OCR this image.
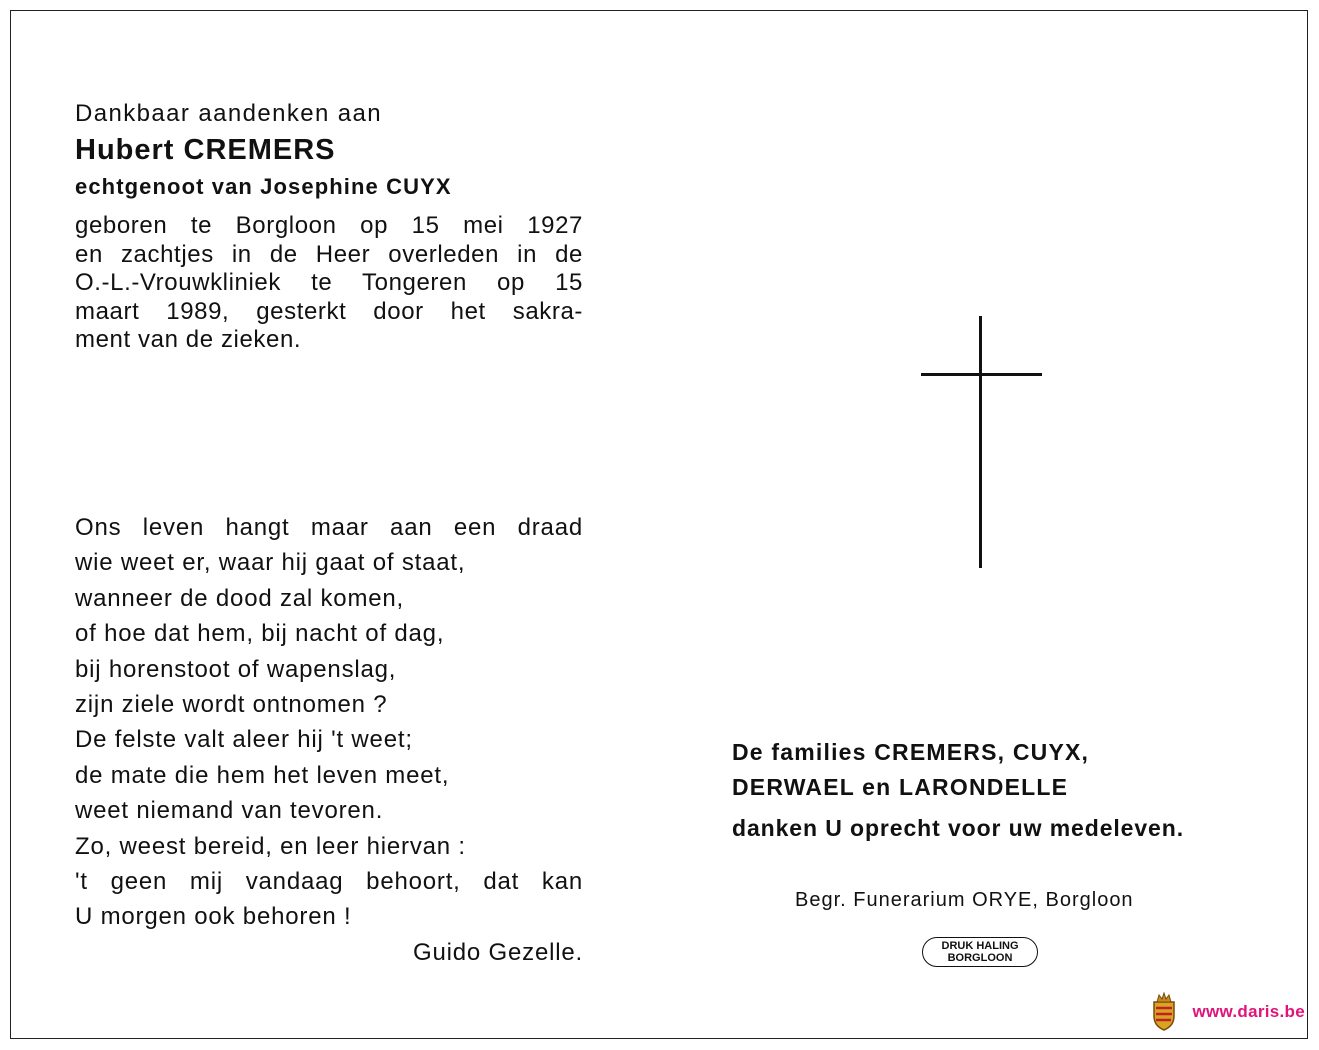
Dankbaar aandenken aan

Hubert CREMERS
echtgenoot van Josephine CUYX
geboren te Borgloon op 15 mei 1927
en zachtjes in de Heer overleden in de
O.-L.-Vrouwkliniek te Tongeren op 15
maart 1989, gesterkt door het sakra-
ment van de zieken.
Ons leven hangt maar aan een draad
wie weet er, waar hij gaat of staat,
wanneer de dood zal komen,
of hoe dat hem, bij nacht of dag,
bij horenstoot of wapenslag,
zijn ziele wordt ontnomen ?
De felste valt aleer hij 't weet;
de mate die hem het leven meet,
weet niemand van tevoren.
Zo, weest bereid, en leer hiervan :
't geen mij vandaag behoort, dat kan
U morgen ook behoren !
Guido Gezelle.
De families CREMERS, CUYX,
DERWAEL en LARONDELLE
danken U oprecht voor uw medeleven.
Begr. Funerarium ORYE, Borgloon
DRUK HALING
BORGLOON
www.daris.be
